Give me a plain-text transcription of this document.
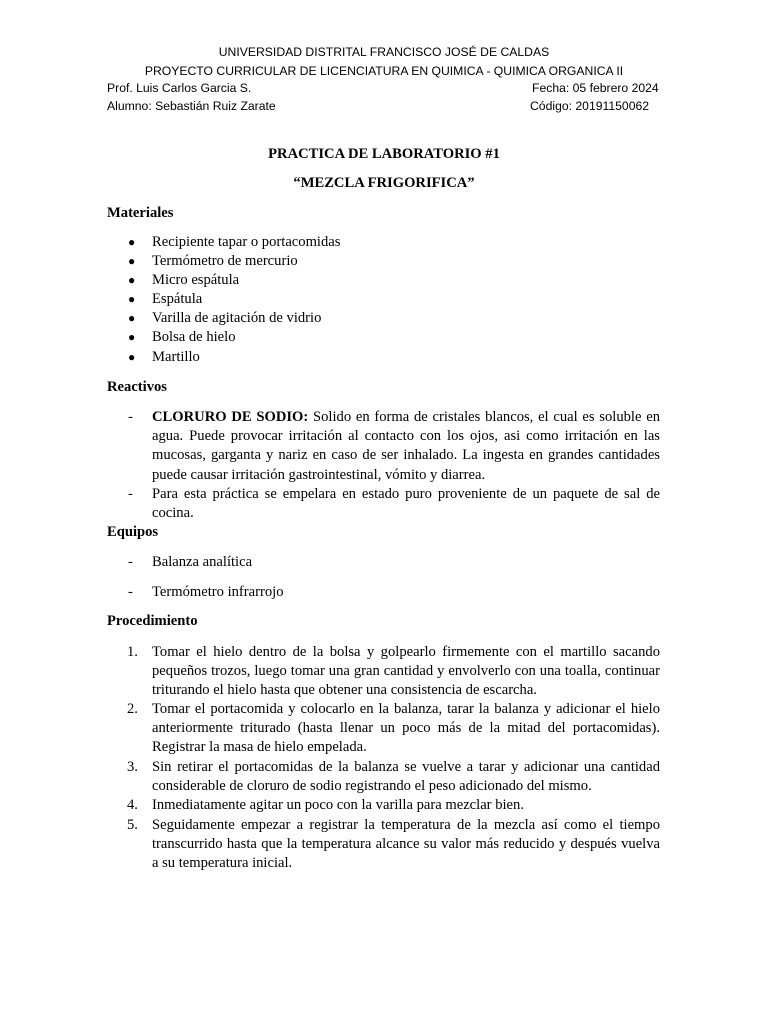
UNIVERSIDAD DISTRITAL FRANCISCO JOSÉ DE CALDAS
PROYECTO CURRICULAR DE LICENCIATURA EN QUIMICA - QUIMICA ORGANICA II
Prof. Luis Carlos Garcia S.	Fecha: 05 febrero 2024
Alumno: Sebastián Ruiz Zarate	Código: 20191150062
PRACTICA DE LABORATORIO #1
“MEZCLA FRIGORIFICA”
Materiales
● Recipiente tapar o portacomidas
● Termómetro de mercurio
● Micro espátula
● Espátula
● Varilla de agitación de vidrio
● Bolsa de hielo
● Martillo
Reactivos
- CLORURO DE SODIO: Solido en forma de cristales blancos, el cual es soluble en agua. Puede provocar irritación al contacto con los ojos, asi como irritación en las mucosas, garganta y nariz en caso de ser inhalado. La ingesta en grandes cantidades puede causar irritación gastrointestinal, vómito y diarrea.
- Para esta práctica se empelara en estado puro proveniente de un paquete de sal de cocina.
Equipos
- Balanza analítica
- Termómetro infrarrojo
Procedimiento
1. Tomar el hielo dentro de la bolsa y golpearlo firmemente con el martillo sacando pequeños trozos, luego tomar una gran cantidad y envolverlo con una toalla, continuar triturando el hielo hasta que obtener una consistencia de escarcha.
2. Tomar el portacomida y colocarlo en la balanza, tarar la balanza y adicionar el hielo anteriormente triturado (hasta llenar un poco más de la mitad del portacomidas). Registrar la masa de hielo empelada.
3. Sin retirar el portacomidas de la balanza se vuelve a tarar y adicionar una cantidad considerable de cloruro de sodio registrando el peso adicionado del mismo.
4. Inmediatamente agitar un poco con la varilla para mezclar bien.
5. Seguidamente empezar a registrar la temperatura de la mezcla así como el tiempo transcurrido hasta que la temperatura alcance su valor más reducido y después vuelva a su temperatura inicial.
